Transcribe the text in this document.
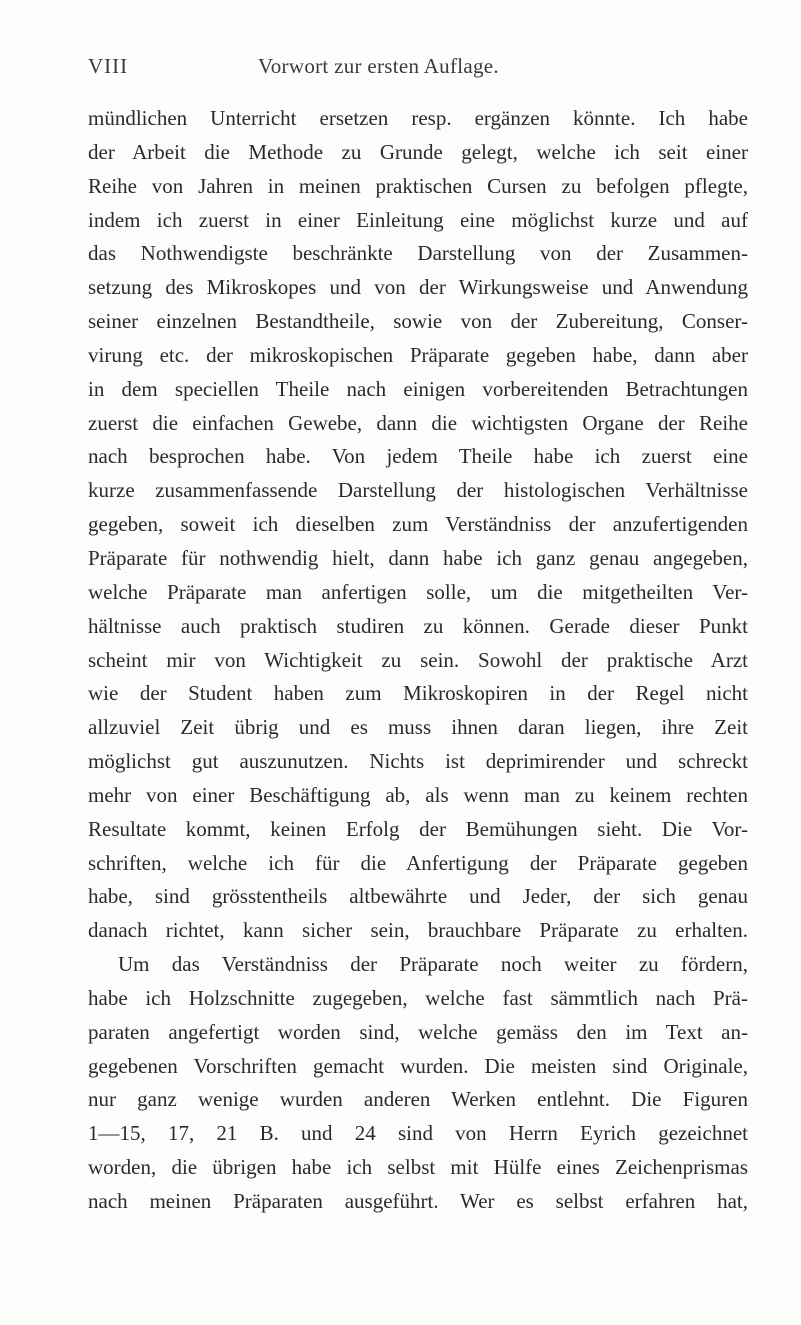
VIII	Vorwort zur ersten Auflage.
mündlichen Unterricht ersetzen resp. ergänzen könnte. Ich habe
der Arbeit die Methode zu Grunde gelegt, welche ich seit einer
Reihe von Jahren in meinen praktischen Cursen zu befolgen pflegte,
indem ich zuerst in einer Einleitung eine möglichst kurze und auf
das Nothwendigste beschränkte Darstellung von der Zusammen-
setzung des Mikroskopes und von der Wirkungsweise und Anwendung
seiner einzelnen Bestandtheile, sowie von der Zubereitung, Conser-
virung etc. der mikroskopischen Präparate gegeben habe, dann aber
in dem speciellen Theile nach einigen vorbereitenden Betrachtungen
zuerst die einfachen Gewebe, dann die wichtigsten Organe der Reihe
nach besprochen habe. Von jedem Theile habe ich zuerst eine
kurze zusammenfassende Darstellung der histologischen Verhältnisse
gegeben, soweit ich dieselben zum Verständniss der anzufertigenden
Präparate für nothwendig hielt, dann habe ich ganz genau angegeben,
welche Präparate man anfertigen solle, um die mitgetheilten Ver-
hältnisse auch praktisch studiren zu können. Gerade dieser Punkt
scheint mir von Wichtigkeit zu sein. Sowohl der praktische Arzt
wie der Student haben zum Mikroskopiren in der Regel nicht
allzuviel Zeit übrig und es muss ihnen daran liegen, ihre Zeit
möglichst gut auszunutzen. Nichts ist deprimirender und schreckt
mehr von einer Beschäftigung ab, als wenn man zu keinem rechten
Resultate kommt, keinen Erfolg der Bemühungen sieht. Die Vor-
schriften, welche ich für die Anfertigung der Präparate gegeben
habe, sind grösstentheils altbewährte und Jeder, der sich genau
danach richtet, kann sicher sein, brauchbare Präparate zu erhalten.
Um das Verständniss der Präparate noch weiter zu fördern,
habe ich Holzschnitte zugegeben, welche fast sämmtlich nach Prä-
paraten angefertigt worden sind, welche gemäss den im Text an-
gegebenen Vorschriften gemacht wurden. Die meisten sind Originale,
nur ganz wenige wurden anderen Werken entlehnt. Die Figuren
1—15, 17, 21 B. und 24 sind von Herrn Eyrich gezeichnet
worden, die übrigen habe ich selbst mit Hülfe eines Zeichenprismas
nach meinen Präparaten ausgeführt. Wer es selbst erfahren hat,
